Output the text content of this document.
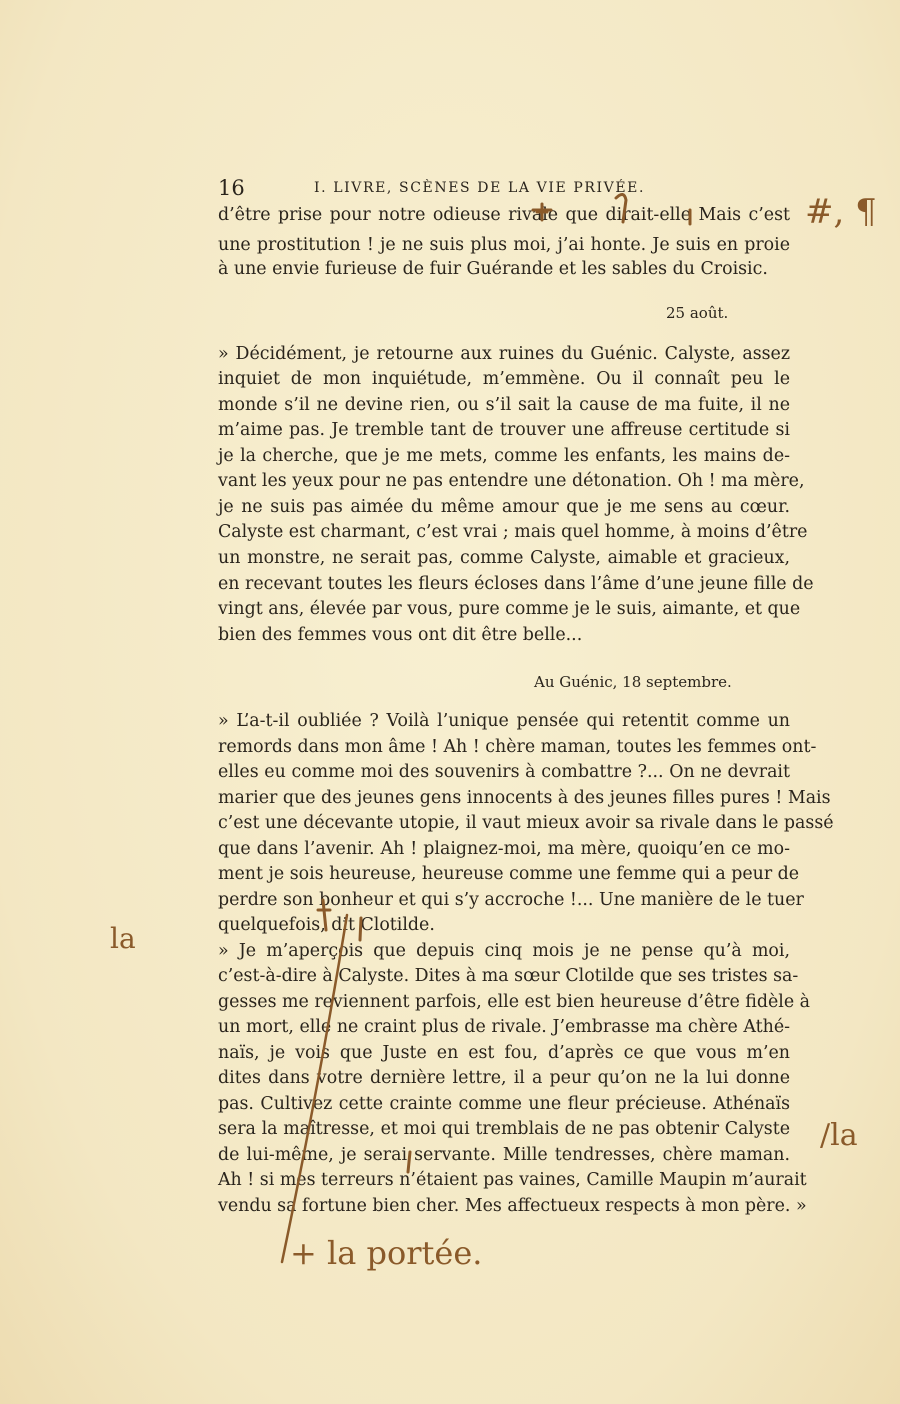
16	I. LIVRE, SCÈNES DE LA VIE PRIVÉE.
d’être prise pour notre odieuse rivale que dirait-elle Mais c’est
une prostitution ! je ne suis plus moi, j’ai honte. Je suis en proie
à une envie furieuse de fuir Guérande et les sables du Croisic.
25 août.
» Décidément, je retourne aux ruines du Guénic. Calyste, assez
inquiet de mon inquiétude, m’emmène. Ou il connaît peu le
monde s’il ne devine rien, ou s’il sait la cause de ma fuite, il ne
m’aime pas. Je tremble tant de trouver une affreuse certitude si
je la cherche, que je me mets, comme les enfants, les mains de-
vant les yeux pour ne pas entendre une détonation. Oh ! ma mère,
je ne suis pas aimée du même amour que je me sens au cœur.
Calyste est charmant, c’est vrai ; mais quel homme, à moins d’être
un monstre, ne serait pas, comme Calyste, aimable et gracieux,
en recevant toutes les fleurs écloses dans l’âme d’une jeune fille de
vingt ans, élevée par vous, pure comme je le suis, aimante, et que
bien des femmes vous ont dit être belle...
Au Guénic, 18 septembre.
» L’a-t-il oubliée ? Voilà l’unique pensée qui retentit comme un
remords dans mon âme ! Ah ! chère maman, toutes les femmes ont-
elles eu comme moi des souvenirs à combattre ?... On ne devrait
marier que des jeunes gens innocents à des jeunes filles pures ! Mais
c’est une décevante utopie, il vaut mieux avoir sa rivale dans le passé
que dans l’avenir. Ah ! plaignez-moi, ma mère, quoiqu’en ce mo-
ment je sois heureuse, heureuse comme une femme qui a peur de
perdre son bonheur et qui s’y accroche !... Une manière de le tuer
quelquefois, dit Clotilde.
» Je m’aperçois que depuis cinq mois je ne pense qu’à moi,
c’est-à-dire à Calyste. Dites à ma sœur Clotilde que ses tristes sa-
gesses me reviennent parfois, elle est bien heureuse d’être fidèle à
un mort, elle ne craint plus de rivale. J’embrasse ma chère Athé-
naïs, je vois que Juste en est fou, d’après ce que vous m’en
dites dans votre dernière lettre, il a peur qu’on ne la lui donne
pas. Cultivez cette crainte comme une fleur précieuse. Athénaïs
sera la maîtresse, et moi qui tremblais de ne pas obtenir Calyste
de lui-même, je serai servante. Mille tendresses, chère maman.
Ah ! si mes terreurs n’étaient pas vaines, Camille Maupin m’aurait
vendu sa fortune bien cher. Mes affectueux respects à mon père. »
#, ¶
la
/la
+ la portée.
